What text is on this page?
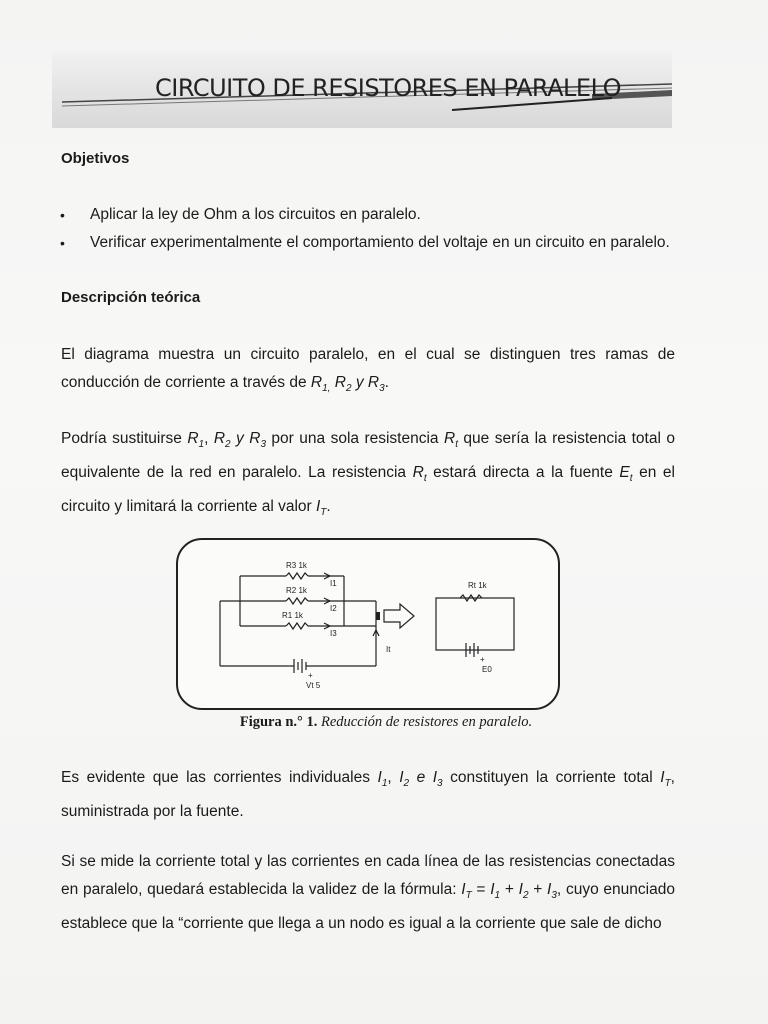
CIRCUITO DE RESISTORES EN PARALELO
Objetivos
• Aplicar la ley de Ohm a los circuitos en paralelo.
• Verificar experimentalmente el comportamiento del voltaje en un circuito en paralelo.
Descripción teórica

El diagrama muestra un circuito paralelo, en el cual se distinguen tres ramas de conducción de corriente a través de $R_{1,}$ $R_2$ y $R_3$.

Podría sustituirse $R_1$, $R_2$ y $R_3$ por una sola resistencia $R_t$ que sería la resistencia total o equivalente de la red en paralelo. La resistencia $R_t$ estará directa a la fuente $E_t$ en el circuito y limitará la corriente al valor $I_T$.

R3 1k
R2 1k
R1 1k
I1
I2
I3
It
+
Vt 5
Rt 1k
+
E0
Figura n.° 1. Reducción de resistores en paralelo.

Es evidente que las corrientes individuales $I_1$, $I_2$ e $I_3$ constituyen la corriente total $I_T$, suministrada por la fuente.

Si se mide la corriente total y las corrientes en cada línea de las resistencias conectadas en paralelo, quedará establecida la validez de la fórmula: $I_T = I_1 + I_2 + I_3$, cuyo enunciado establece que la “corriente que llega a un nodo es igual a la corriente que sale de dicho
